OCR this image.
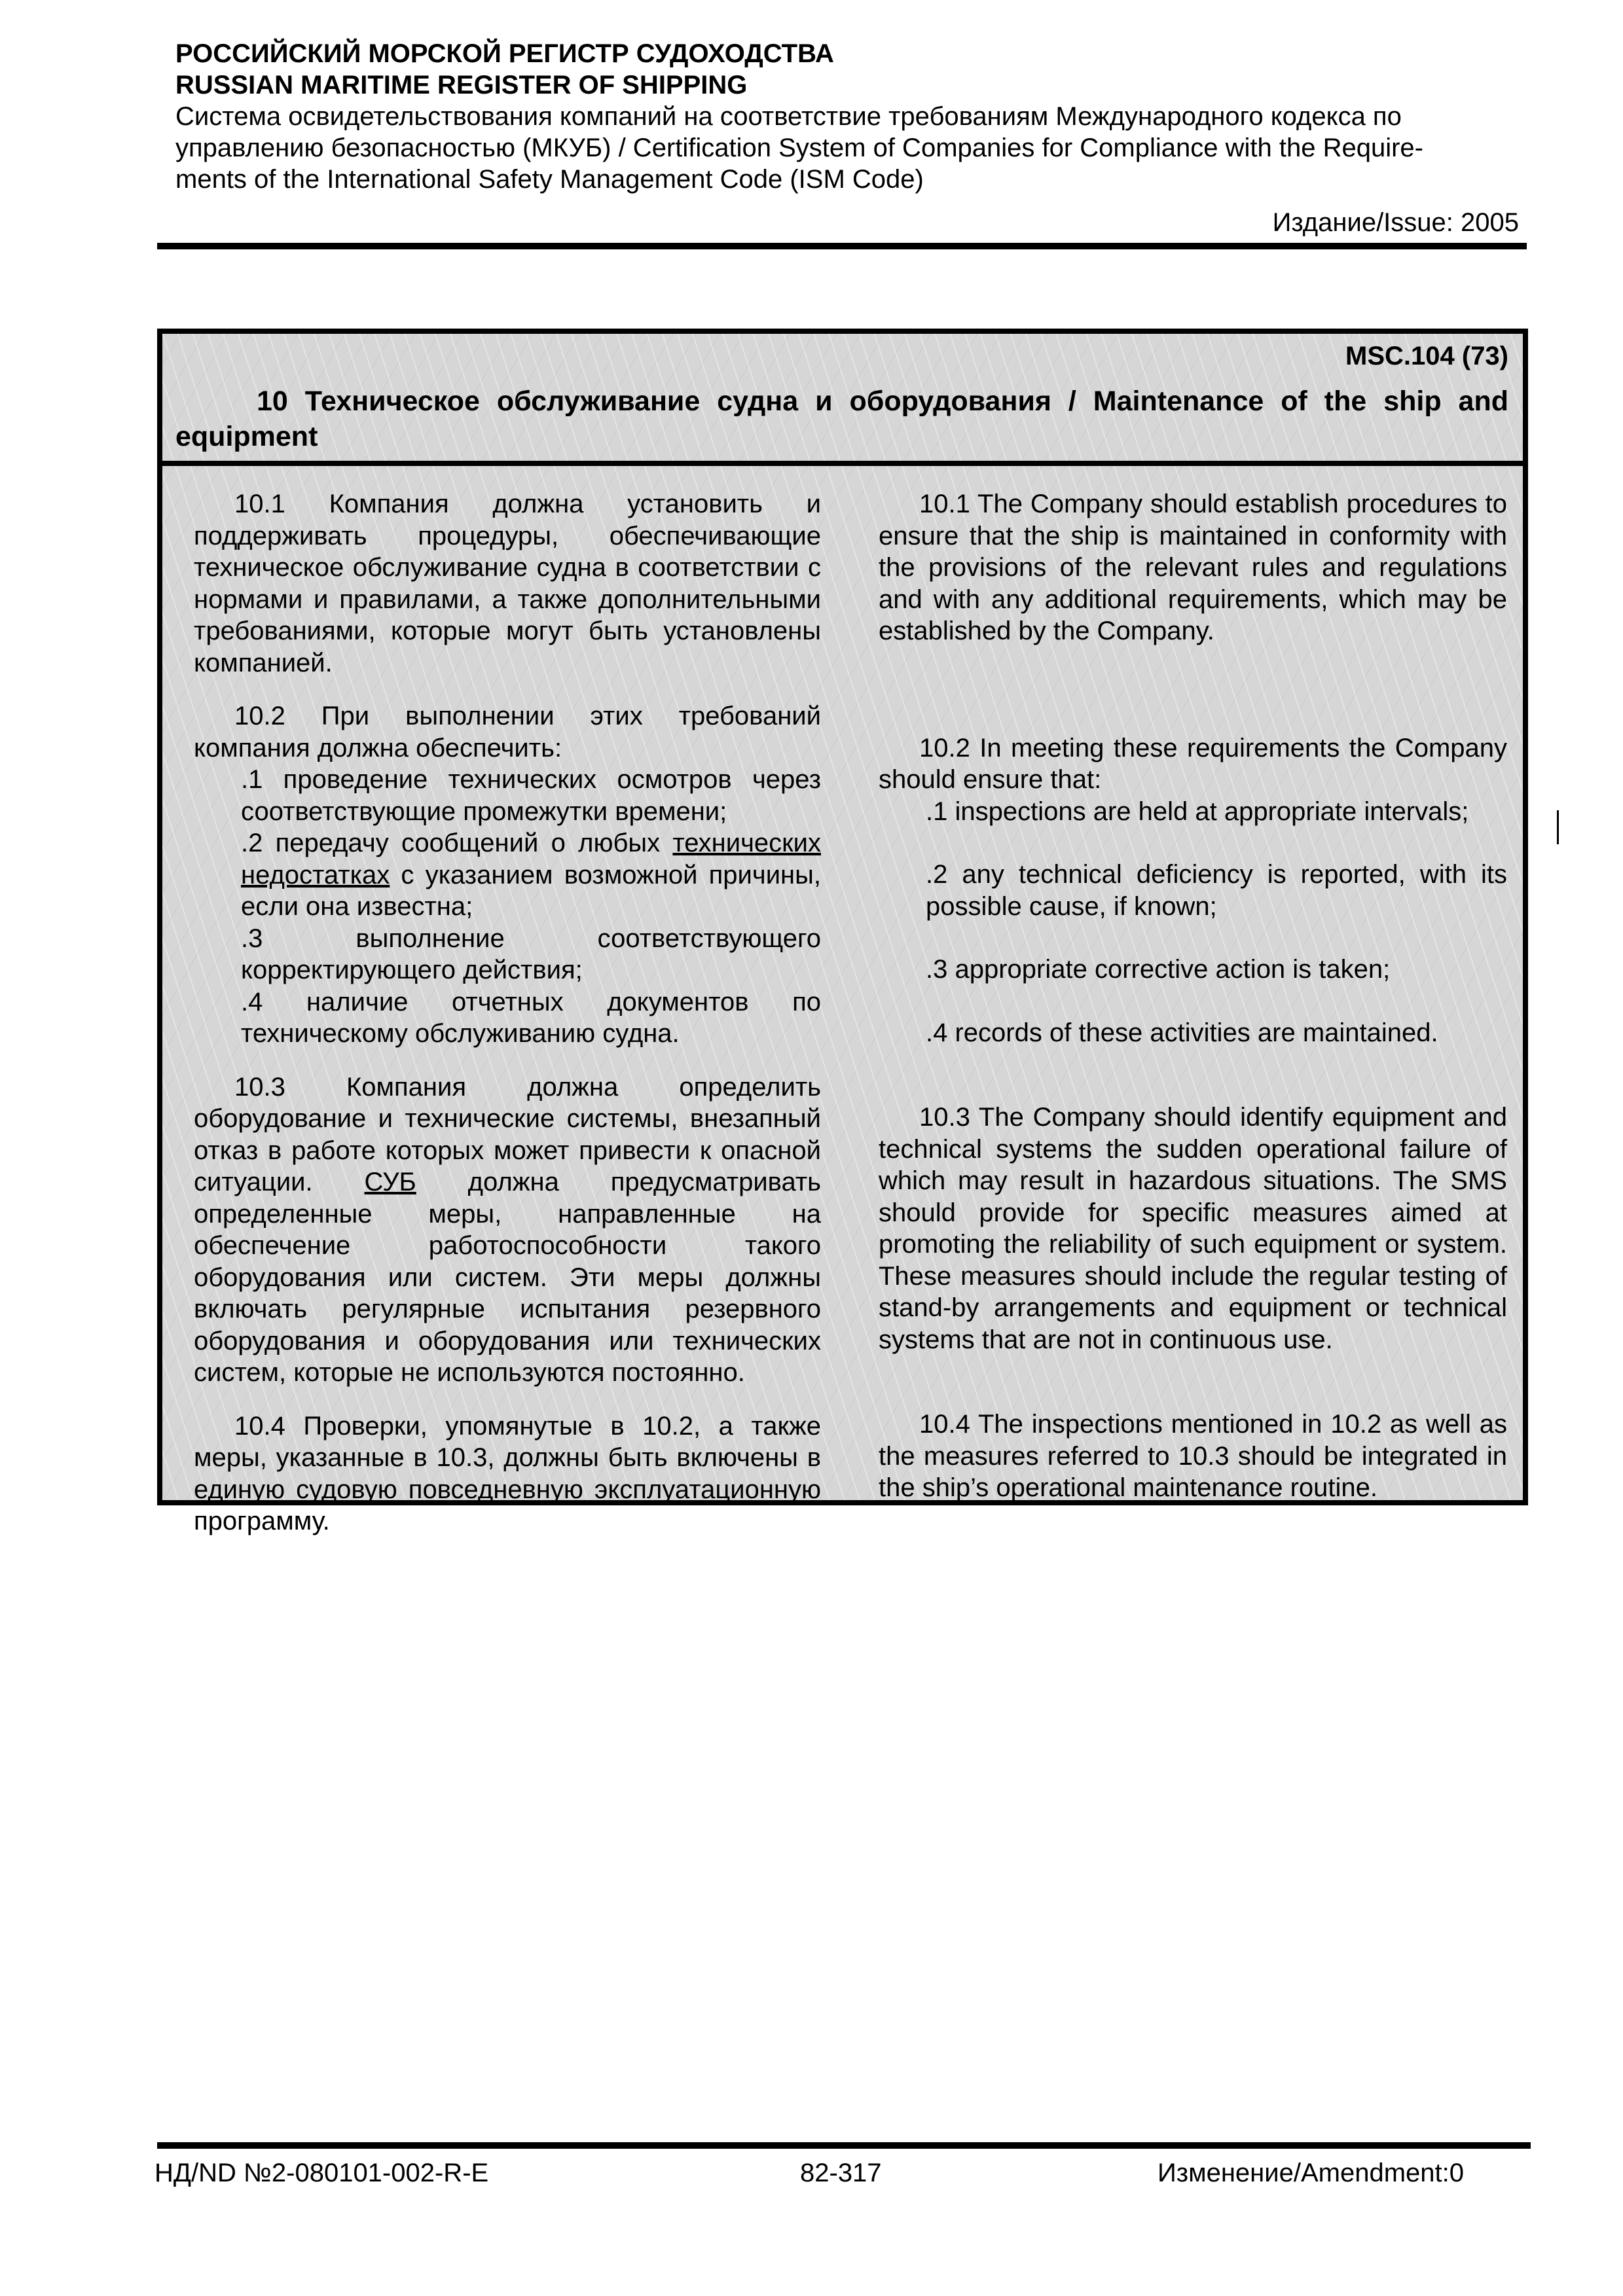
РОССИЙСКИЙ МОРСКОЙ РЕГИСТР СУДОХОДСТВА
RUSSIAN MARITIME REGISTER OF SHIPPING
Система освидетельствования компаний на соответствие требованиям Международного кодекса по
управлению безопасностью (МКУБ) / Certification System of Companies for Compliance with the Require-
ments of the International Safety Management Code (ISM Code)
Издание/Issue: 2005
MSC.104 (73)
10 Техническое обслуживание судна и оборудования / Maintenance of the ship and equipment

10.1 Компания должна установить и поддерживать процедуры, обеспечивающие техническое обслуживание судна в соответствии с нормами и правилами, а также дополнительными требованиями, которые могут быть установлены компанией.

10.2 При выполнении этих требований компания должна обеспечить:

.1 проведение технических осмотров через соответствующие промежутки времени;

.2 передачу сообщений о любых технических недостатках с указанием возможной причины, если она известна;

.3 выполнение соответствующего корректирующего действия;

.4 наличие отчетных документов по техническому обслуживанию судна.

10.3 Компания должна определить оборудование и технические системы, внезапный отказ в работе которых может привести к опасной ситуации. СУБ должна предусматривать определенные меры, направленные на обеспечение работоспособности такого оборудования или систем. Эти меры должны включать регулярные испытания резервного оборудования и оборудования или технических систем, которые не используются постоянно.

10.4 Проверки, упомянутые в 10.2, а также меры, указанные в 10.3, должны быть включены в единую судовую повседневную эксплуатационную программу.

10.1 The Company should establish procedures to ensure that the ship is maintained in conformity with the provisions of the relevant rules and regulations and with any additional requirements, which may be established by the Company.

10.2 In meeting these requirements the Company should ensure that:

.1 inspections are held at appropriate intervals;

.2 any technical deficiency is reported, with its possible cause, if known;

.3 appropriate corrective action is taken;

.4 records of these activities are maintained.

10.3 The Company should identify equipment and technical systems the sudden operational failure of which may result in hazardous situations. The SMS should provide for specific measures aimed at promoting the reliability of such equipment or system. These measures should include the regular testing of stand-by arrangements and equipment or technical systems that are not in continuous use.

10.4 The inspections mentioned in 10.2 as well as the measures referred to 10.3 should be integrated in the ship’s operational maintenance routine.

НД/ND №2-080101-002-R-E	82-317	Изменение/Amendment:0
